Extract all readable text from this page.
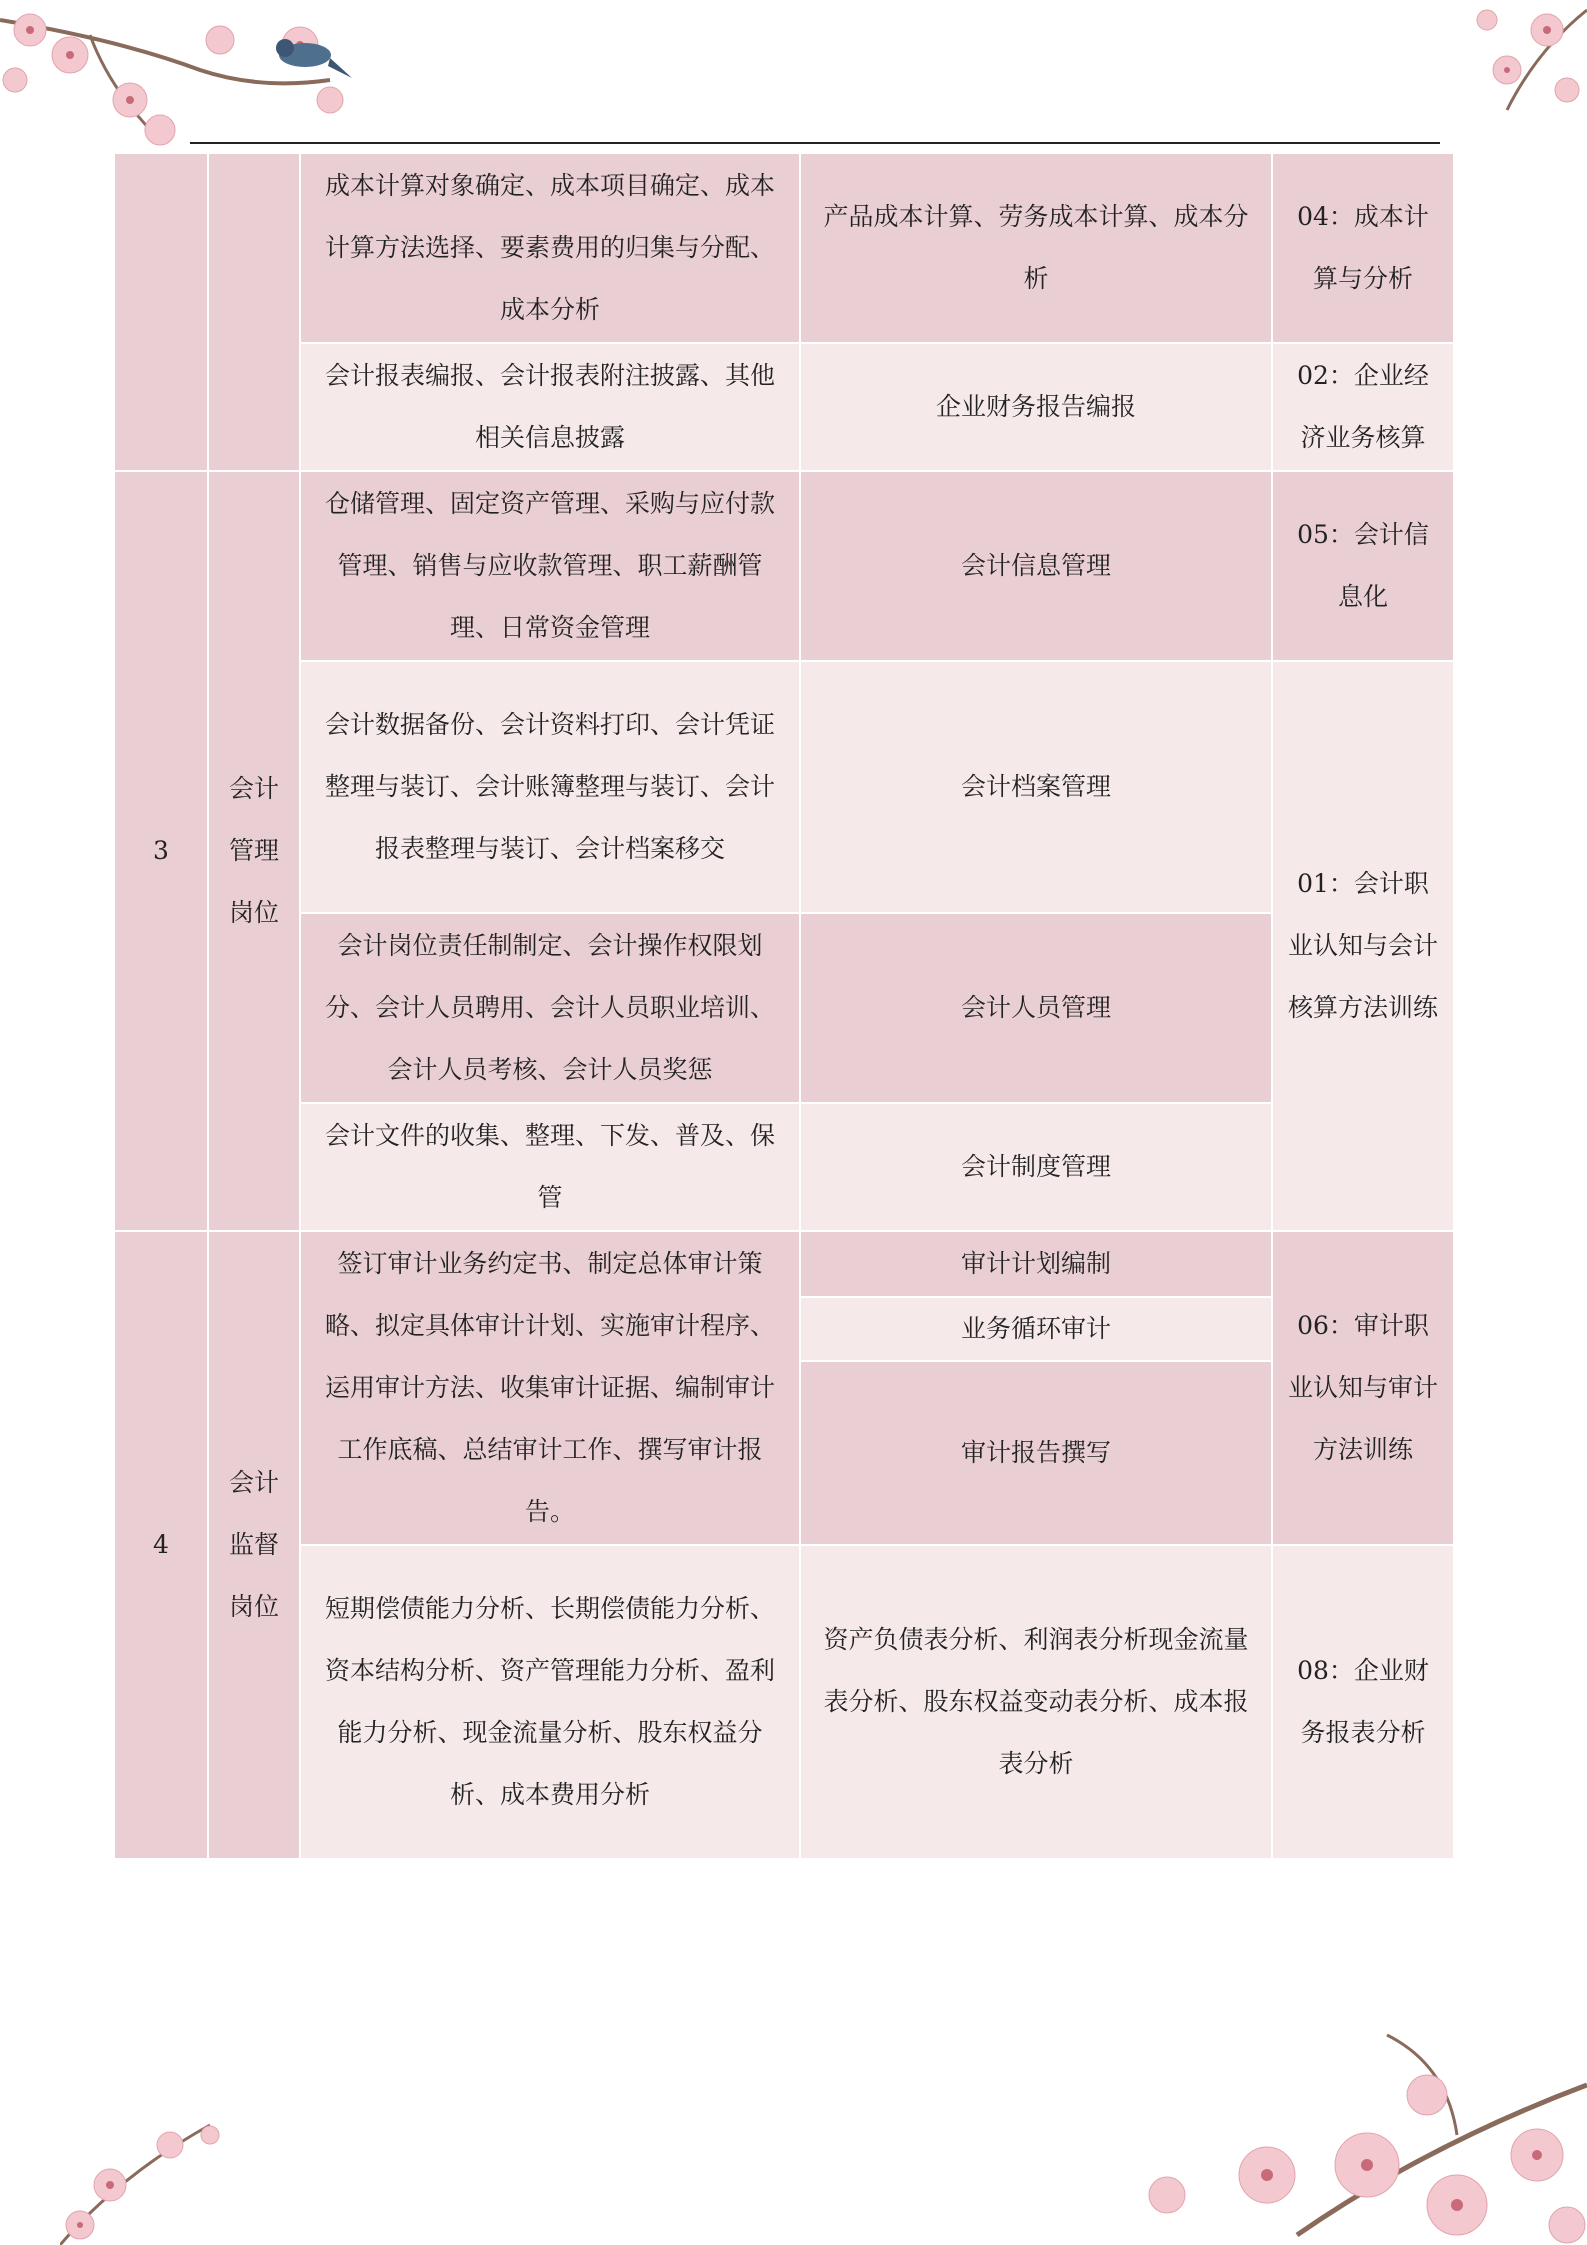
		成本计算对象确定、成本项目确定、成本计算方法选择、要素费用的归集与分配、成本分析	产品成本计算、劳务成本计算、成本分析	04：成本计算与分析
		会计报表编报、会计报表附注披露、其他相关信息披露	企业财务报告编报	02：企业经济业务核算
3	会计管理岗位	仓储管理、固定资产管理、采购与应付款管理、销售与应收款管理、职工薪酬管理、日常资金管理	会计信息管理	05：会计信息化
		会计数据备份、会计资料打印、会计凭证整理与装订、会计账簿整理与装订、会计报表整理与装订、会计档案移交	会计档案管理	01：会计职业认知与会计核算方法训练
		会计岗位责任制制定、会计操作权限划分、会计人员聘用、会计人员职业培训、会计人员考核、会计人员奖惩	会计人员管理	
		会计文件的收集、整理、下发、普及、保管	会计制度管理	
4	会计监督岗位	签订审计业务约定书、制定总体审计策略、拟定具体审计计划、实施审计程序、运用审计方法、收集审计证据、编制审计工作底稿、总结审计工作、撰写审计报告。	审计计划编制	06：审计职业认知与审计方法训练
			业务循环审计	
			审计报告撰写	
		短期偿债能力分析、长期偿债能力分析、资本结构分析、资产管理能力分析、盈利能力分析、现金流量分析、股东权益分析、成本费用分析	资产负债表分析、利润表分析现金流量表分析、股东权益变动表分析、成本报表分析	08：企业财务报表分析
